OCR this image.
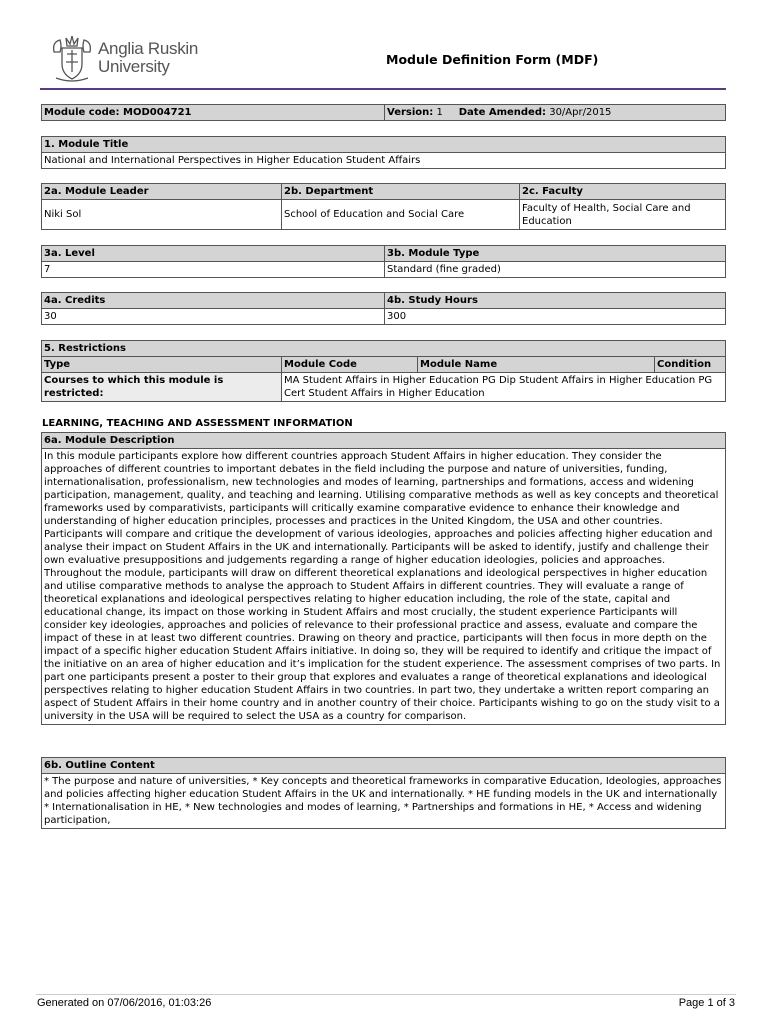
Anglia Ruskin
University	Module Definition Form (MDF)
Module code: MOD004721	Version: 1 Date Amended: 30/Apr/2015
1. Module Title
National and International Perspectives in Higher Education Student Affairs
2a. Module Leader	2b. Department	2c. Faculty
Niki Sol	School of Education and Social Care	Faculty of Health, Social Care and Education
3a. Level	3b. Module Type
7	Standard (fine graded)
4a. Credits	4b. Study Hours
30	300
5. Restrictions			
Type	Module Code	Module Name	Condition
Courses to which this module is restricted:	MA Student Affairs in Higher Education PG Dip Student Affairs in Higher Education PG Cert Student Affairs in Higher Education		
LEARNING, TEACHING AND ASSESSMENT INFORMATION
6a. Module Description
In this module participants explore how different countries approach Student Affairs in higher education. They consider the approaches of different countries to important debates in the field including the purpose and nature of universities, funding, internationalisation, professionalism, new technologies and modes of learning, partnerships and formations, access and widening participation, management, quality, and teaching and learning. Utilising comparative methods as well as key concepts and theoretical frameworks used by comparativists, participants will critically examine comparative evidence to enhance their knowledge and understanding of higher education principles, processes and practices in the United Kingdom, the USA and other countries. Participants will compare and critique the development of various ideologies, approaches and policies affecting higher education and analyse their impact on Student Affairs in the UK and internationally. Participants will be asked to identify, justify and challenge their own evaluative presuppositions and judgements regarding a range of higher education ideologies, policies and approaches. Throughout the module, participants will draw on different theoretical explanations and ideological perspectives in higher education and utilise comparative methods to analyse the approach to Student Affairs in different countries. They will evaluate a range of theoretical explanations and ideological perspectives relating to higher education including, the role of the state, capital and educational change, its impact on those working in Student Affairs and most crucially, the student experience Participants will consider key ideologies, approaches and policies of relevance to their professional practice and assess, evaluate and compare the impact of these in at least two different countries. Drawing on theory and practice, participants will then focus in more depth on the impact of a specific higher education Student Affairs initiative. In doing so, they will be required to identify and critique the impact of the initiative on an area of higher education and it’s implication for the student experience. The assessment comprises of two parts. In part one participants present a poster to their group that explores and evaluates a range of theoretical explanations and ideological perspectives relating to higher education Student Affairs in two countries. In part two, they undertake a written report comparing an aspect of Student Affairs in their home country and in another country of their choice. Participants wishing to go on the study visit to a university in the USA will be required to select the USA as a country for comparison.
6b. Outline Content
* The purpose and nature of universities, * Key concepts and theoretical frameworks in comparative Education, Ideologies, approaches and policies affecting higher education Student Affairs in the UK and internationally. * HE funding models in the UK and internationally * Internationalisation in HE, * New technologies and modes of learning, * Partnerships and formations in HE, * Access and widening participation,
Generated on 07/06/2016, 01:03:26	Page 1 of 3
